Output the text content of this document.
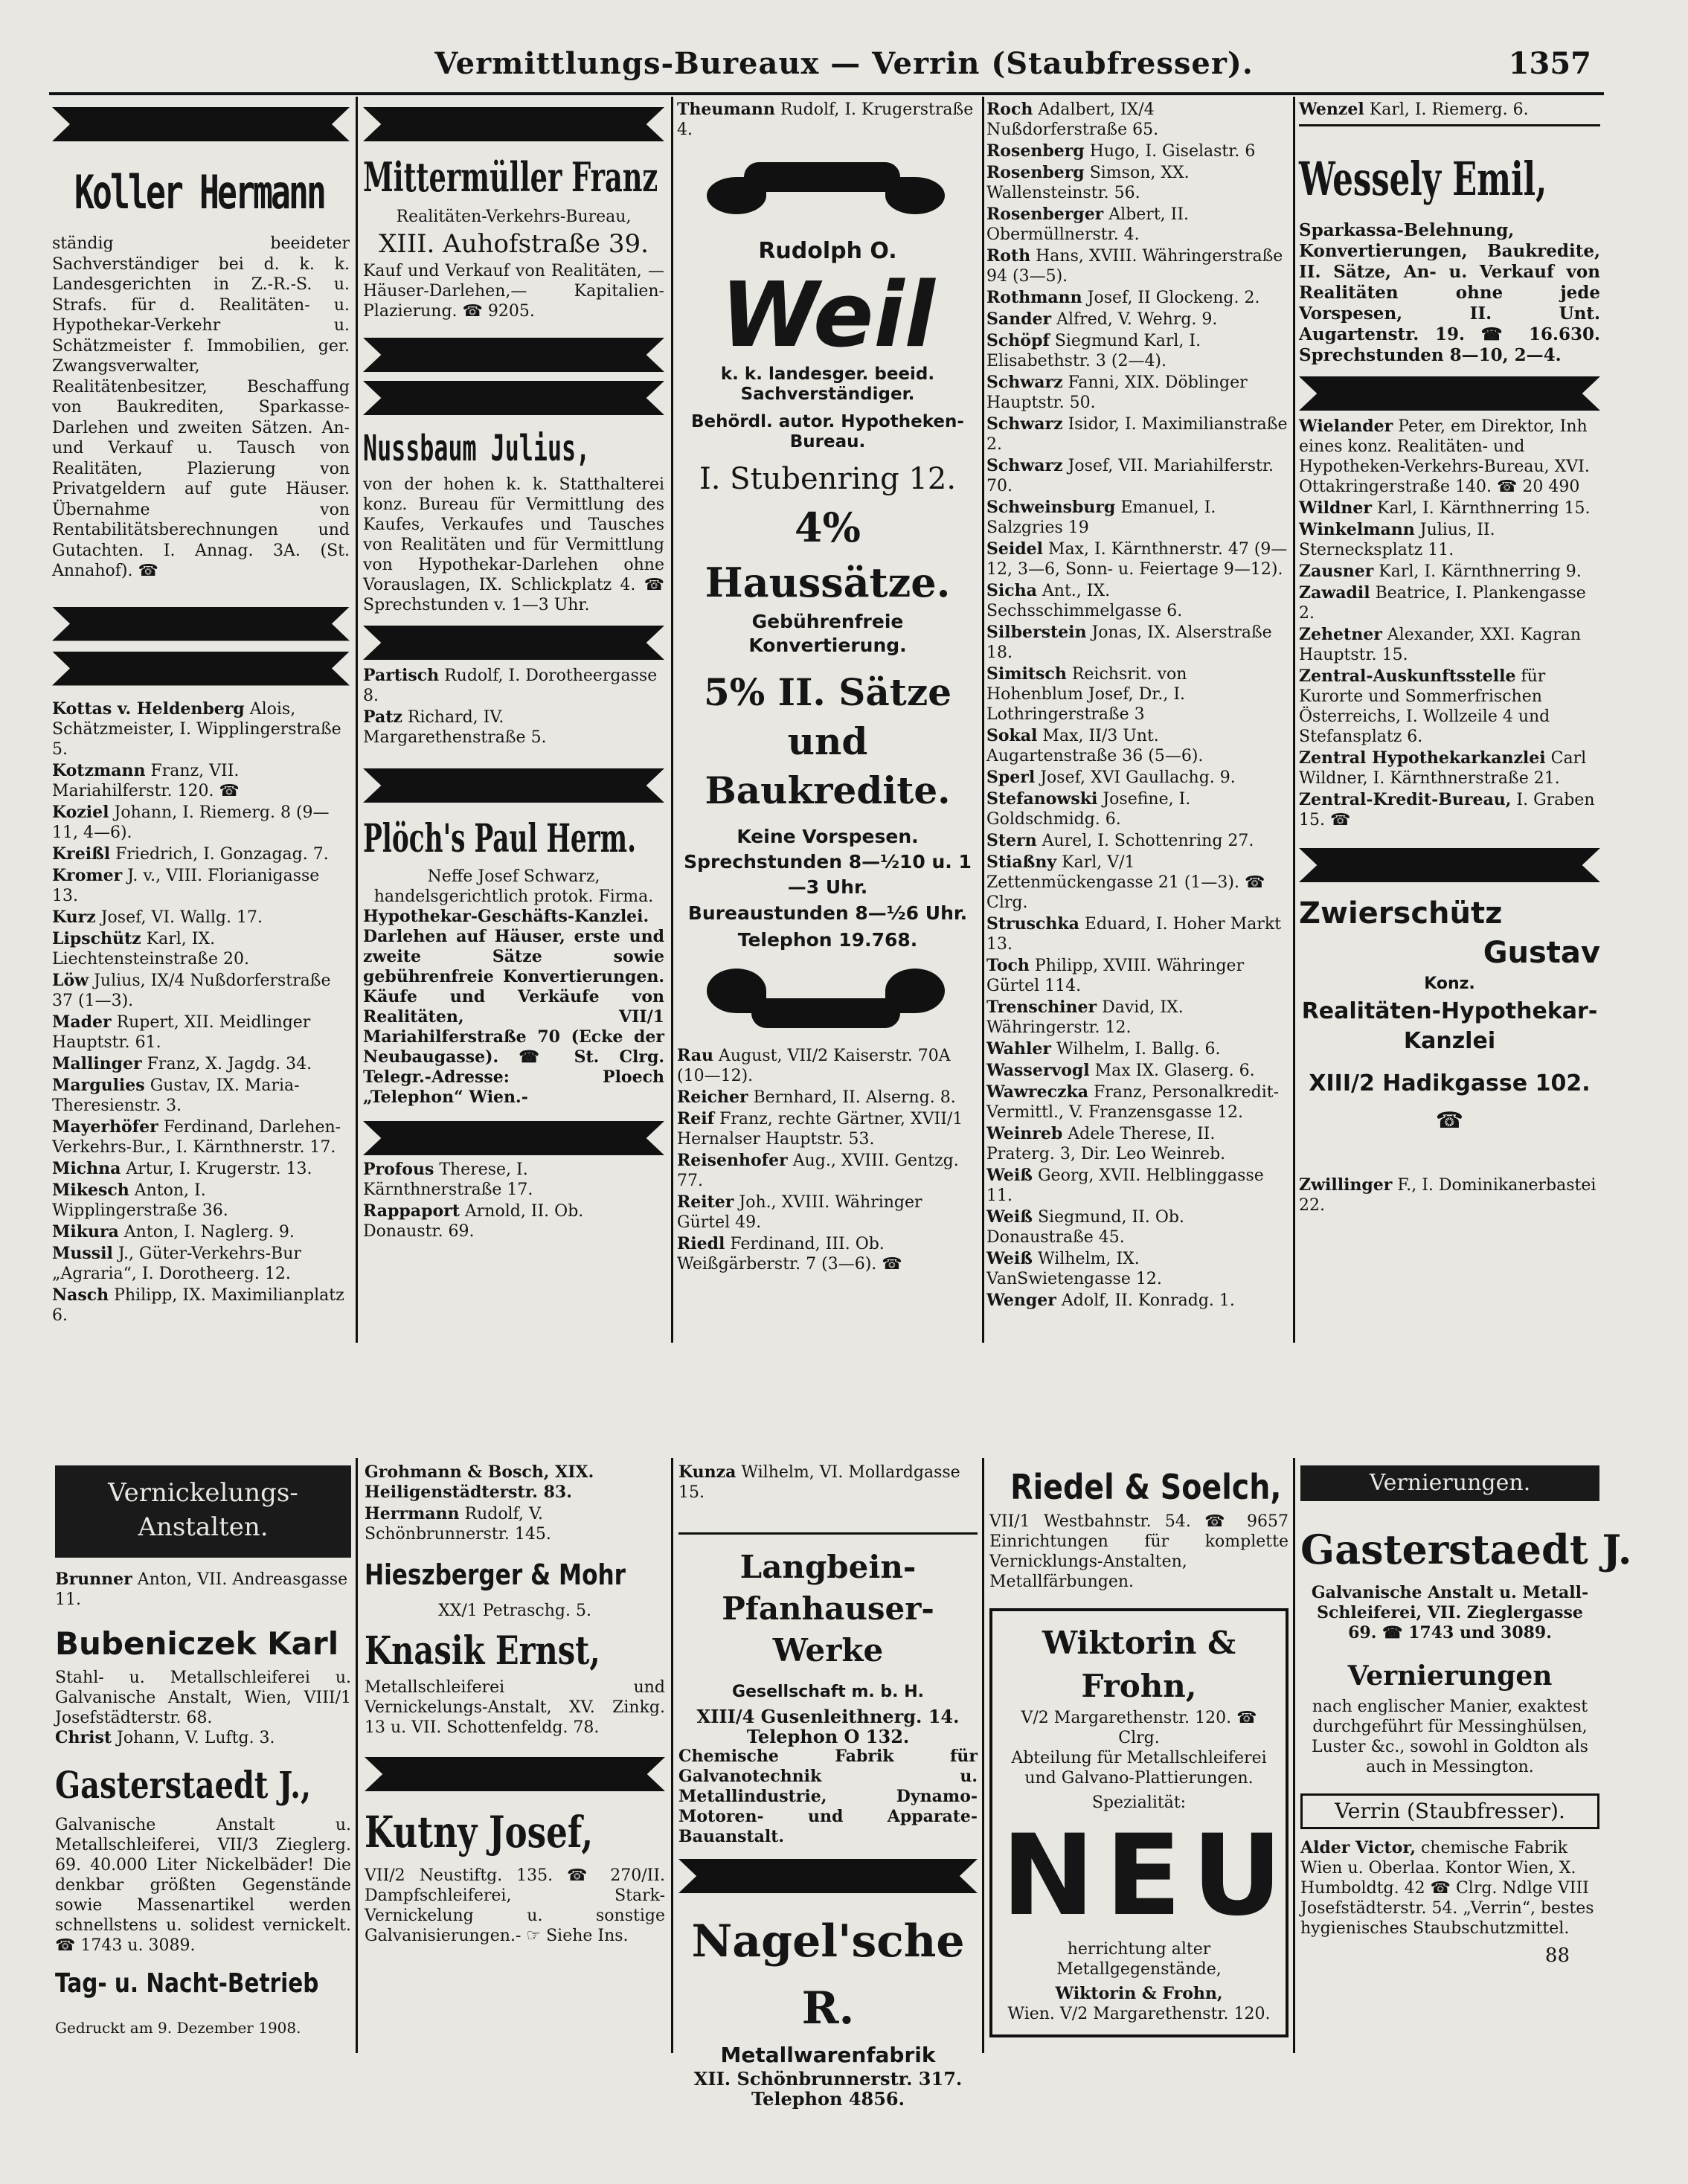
Vermittlungs-Bureaux — Verrin (Staubfresser).	1357
Koller Hermann
ständig beeideter Sachverständiger bei d. k. k. Landesgerichten in Z.-R.-S. u. Strafs. für d. Realitäten- u. Hypothekar-Verkehr u. Schätzmeister f. Immobilien, ger. Zwangsverwalter, Realitätenbesitzer, Beschaffung von Baukrediten, Sparkasse-Darlehen und zweiten Sätzen. An- und Verkauf u. Tausch von Realitäten, Plazierung von Privatgeldern auf gute Häuser. Übernahme von Rentabilitätsberechnungen und Gutachten. I. Annag. 3A. (St. Annahof). ☎
Kottas v. Heldenberg Alois, Schätzmeister, I. Wipplingerstraße 5.
Kotzmann Franz, VII. Mariahilferstr. 120. ☎
Koziel Johann, I. Riemerg. 8 (9—11, 4—6).
Kreißl Friedrich, I. Gonzagag. 7.
Kromer J. v., VIII. Florianigasse 13.
Kurz Josef, VI. Wallg. 17.
Lipschütz Karl, IX. Liechtensteinstraße 20.
Löw Julius, IX/4 Nußdorferstraße 37 (1—3).
Mader Rupert, XII. Meidlinger Hauptstr. 61.
Mallinger Franz, X. Jagdg. 34.
Margulies Gustav, IX. Maria-Theresienstr. 3.
Mayerhöfer Ferdinand, Darlehen-Verkehrs-Bur., I. Kärnthnerstr. 17.
Michna Artur, I. Krugerstr. 13.
Mikesch Anton, I. Wipplingerstraße 36.
Mikura Anton, I. Naglerg. 9.
Mussil J., Güter-Verkehrs-Bur „Agraria“, I. Dorotheerg. 12.
Nasch Philipp, IX. Maximilianplatz 6.
Mittermüller Franz
Realitäten-Verkehrs-Bureau,
XIII. Auhofstraße 39.
Kauf und Verkauf von Realitäten, —Häuser-Darlehen,— Kapitalien-Plazierung. ☎ 9205.
Nussbaum Julius,
von der hohen k. k. Statthalterei konz. Bureau für Vermittlung des Kaufes, Verkaufes und Tausches von Realitäten und für Vermittlung von Hypothekar-Darlehen ohne Vorauslagen, IX. Schlickplatz 4. ☎ Sprechstunden v. 1—3 Uhr.
Partisch Rudolf, I. Dorotheergasse 8.
Patz Richard, IV. Margarethenstraße 5.
Plöch's Paul Herm.
Neffe Josef Schwarz, handelsgerichtlich protok. Firma.
Hypothekar-Geschäfts-Kanzlei. Darlehen auf Häuser, erste und zweite Sätze sowie gebührenfreie Konvertierungen. Käufe und Verkäufe von Realitäten, VII/1 Mariahilferstraße 70 (Ecke der Neubaugasse). ☎ St. Clrg. Telegr.-Adresse: Ploech „Telephon“ Wien.-
Profous Therese, I. Kärnthnerstraße 17.
Rappaport Arnold, II. Ob. Donaustr. 69.
Theumann Rudolf, I. Krugerstraße 4.
Rudolph O.
Weil
k. k. landesger. beeid. Sachverständiger.
Behördl. autor. Hypotheken-Bureau.
I. Stubenring 12.
4% Haussätze.
Gebührenfreie Konvertierung.
5% II. Sätze und Baukredite.
Keine Vorspesen.
Sprechstunden 8—½10 u. 1—3 Uhr.
Bureaustunden 8—½6 Uhr.
Telephon 19.768.
Rau August, VII/2 Kaiserstr. 70A (10—12).
Reicher Bernhard, II. Alserng. 8.
Reif Franz, rechte Gärtner, XVII/1 Hernalser Hauptstr. 53.
Reisenhofer Aug., XVIII. Gentzg. 77.
Reiter Joh., XVIII. Währinger Gürtel 49.
Riedl Ferdinand, III. Ob. Weißgärberstr. 7 (3—6). ☎
Roch Adalbert, IX/4 Nußdorferstraße 65.
Rosenberg Hugo, I. Giselastr. 6
Rosenberg Simson, XX. Wallensteinstr. 56.
Rosenberger Albert, II. Obermüllnerstr. 4.
Roth Hans, XVIII. Währingerstraße 94 (3—5).
Rothmann Josef, II Glockeng. 2.
Sander Alfred, V. Wehrg. 9.
Schöpf Siegmund Karl, I. Elisabethstr. 3 (2—4).
Schwarz Fanni, XIX. Döblinger Hauptstr. 50.
Schwarz Isidor, I. Maximilianstraße 2.
Schwarz Josef, VII. Mariahilferstr. 70.
Schweinsburg Emanuel, I. Salzgries 19
Seidel Max, I. Kärnthnerstr. 47 (9—12, 3—6, Sonn- u. Feiertage 9—12).
Sicha Ant., IX. Sechsschimmelgasse 6.
Silberstein Jonas, IX. Alserstraße 18.
Simitsch Reichsrit. von Hohenblum Josef, Dr., I. Lothringerstraße 3
Sokal Max, II/3 Unt. Augartenstraße 36 (5—6).
Sperl Josef, XVI Gaullachg. 9.
Stefanowski Josefine, I. Goldschmidg. 6.
Stern Aurel, I. Schottenring 27.
Stiaßny Karl, V/1 Zettenmückengasse 21 (1—3). ☎ Clrg.
Struschka Eduard, I. Hoher Markt 13.
Toch Philipp, XVIII. Währinger Gürtel 114.
Trenschiner David, IX. Währingerstr. 12.
Wahler Wilhelm, I. Ballg. 6.
Wasservogl Max IX. Glaserg. 6.
Wawreczka Franz, Personalkredit-Vermittl., V. Franzensgasse 12.
Weinreb Adele Therese, II. Praterg. 3, Dir. Leo Weinreb.
Weiß Georg, XVII. Helblinggasse 11.
Weiß Siegmund, II. Ob. Donaustraße 45.
Weiß Wilhelm, IX. VanSwietengasse 12.
Wenger Adolf, II. Konradg. 1.
Wenzel Karl, I. Riemerg. 6.
Wessely Emil,
Sparkassa-Belehnung, Konvertierungen, Baukredite, II. Sätze, An- u. Verkauf von Realitäten ohne jede Vorspesen, II. Unt. Augartenstr. 19. ☎ 16.630. Sprechstunden 8—10, 2—4.
Wielander Peter, em Direktor, Inh eines konz. Realitäten- und Hypotheken-Verkehrs-Bureau, XVI. Ottakringerstraße 140. ☎ 20 490
Wildner Karl, I. Kärnthnerring 15.
Winkelmann Julius, II. Sternecksplatz 11.
Zausner Karl, I. Kärnthnerring 9.
Zawadil Beatrice, I. Plankengasse 2.
Zehetner Alexander, XXI. Kagran Hauptstr. 15.
Zentral-Auskunftsstelle für Kurorte und Sommerfrischen Österreichs, I. Wollzeile 4 und Stefansplatz 6.
Zentral Hypothekarkanzlei Carl Wildner, I. Kärnthnerstraße 21.
Zentral-Kredit-Bureau, I. Graben 15. ☎
Zwierschütz
Gustav
Konz.
Realitäten-Hypothekar-Kanzlei
XIII/2 Hadikgasse 102. ☎
Zwillinger F., I. Dominikanerbastei 22.
Vernickelungs-Anstalten.
Brunner Anton, VII. Andreasgasse 11.
Bubeniczek Karl
Stahl- u. Metallschleiferei u. Galvanische Anstalt, Wien, VIII/1 Josefstädterstr. 68.
Christ Johann, V. Luftg. 3.
Gasterstaedt J.,
Galvanische Anstalt u. Metallschleiferei, VII/3 Zieglerg. 69. 40.000 Liter Nickelbäder! Die denkbar größten Gegenstände sowie Massenartikel werden schnellstens u. solidest vernickelt. ☎ 1743 u. 3089.
Tag- u. Nacht-Betrieb
Gedruckt am 9. Dezember 1908.
Grohmann & Bosch, XIX. Heiligenstädterstr. 83.
Herrmann Rudolf, V. Schönbrunnerstr. 145.
Hieszberger & Mohr
XX/1 Petraschg. 5.
Knasik Ernst,
Metallschleiferei und Vernickelungs-Anstalt, XV. Zinkg. 13 u. VII. Schottenfeldg. 78.
Kutny Josef,
VII/2 Neustiftg. 135. ☎ 270/II. Dampfschleiferei, Stark-Vernickelung u. sonstige Galvanisierungen.- ☞ Siehe Ins.
Kunza Wilhelm, VI. Mollardgasse 15.
Langbein-Pfanhauser-Werke
Gesellschaft m. b. H.
XIII/4 Gusenleithnerg. 14. Telephon O 132.
Chemische Fabrik für Galvanotechnik u. Metallindustrie, Dynamo-Motoren- und Apparate-Bauanstalt.
Nagel'sche R.
Metallwarenfabrik
XII. Schönbrunnerstr. 317.
Telephon 4856.
Riedel & Soelch,
VII/1 Westbahnstr. 54. ☎ 9657 Einrichtungen für komplette Vernicklungs-Anstalten, Metallfärbungen.
Wiktorin & Frohn,
V/2 Margarethenstr. 120. ☎ Clrg.
Abteilung für Metallschleiferei und Galvano-Plattierungen.
Spezialität:
NEU
herrichtung alter Metallgegenstände,
Wiktorin & Frohn,
Wien. V/2 Margarethenstr. 120.
Vernierungen.
Gasterstaedt J.
Galvanische Anstalt u. Metall-Schleiferei, VII. Zieglergasse 69. ☎ 1743 und 3089.
Vernierungen
nach englischer Manier, exaktest durchgeführt für Messinghülsen, Luster &c., sowohl in Goldton als auch in Messington.
Verrin (Staubfresser).
Alder Victor, chemische Fabrik Wien u. Oberlaa. Kontor Wien, X. Humboldtg. 42 ☎ Clrg. Ndlge VIII Josefstädterstr. 54. „Verrin“, bestes hygienisches Staubschutzmittel.
88
